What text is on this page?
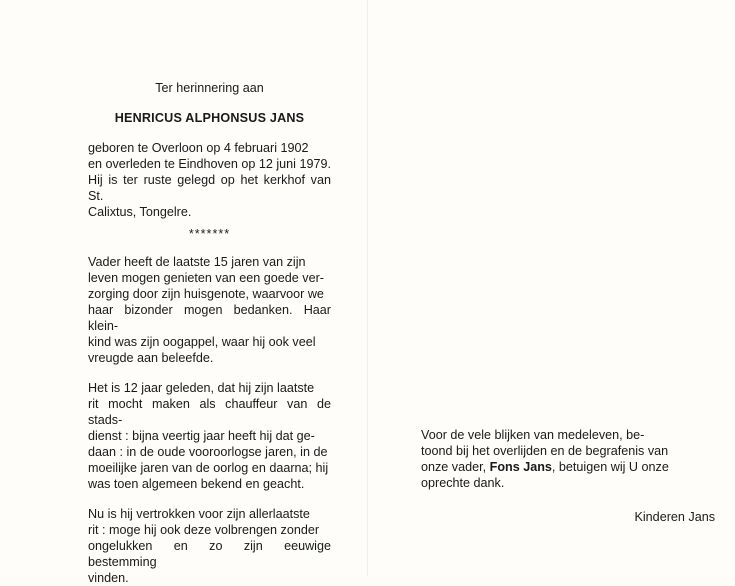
Ter herinnering aan

HENRICUS ALPHONSUS JANS

geboren te Overloon op 4 februari 1902

en overleden te Eindhoven op 12 juni 1979.

Hij is ter ruste gelegd op het kerkhof van St.

Calixtus, Tongelre.

*******

Vader heeft de laatste 15 jaren van zijn

leven mogen genieten van een goede ver-

zorging door zijn huisgenote, waarvoor we

haar bizonder mogen bedanken. Haar klein-

kind was zijn oogappel, waar hij ook veel

vreugde aan beleefde.

Het is 12 jaar geleden, dat hij zijn laatste

rit mocht maken als chauffeur van de stads-

dienst : bijna veertig jaar heeft hij dat ge-

daan : in de oude vooroorlogse jaren, in de

moeilijke jaren van de oorlog en daarna; hij

was toen algemeen bekend en geacht.

Nu is hij vertrokken voor zijn allerlaatste

rit : moge hij ook deze volbrengen zonder

ongelukken en zo zijn eeuwige bestemming

vinden.

Voor de vele blijken van medeleven, be-

toond bij het overlijden en de begrafenis van

onze vader, Fons Jans, betuigen wij U onze

oprechte dank.

Kinderen Jans
